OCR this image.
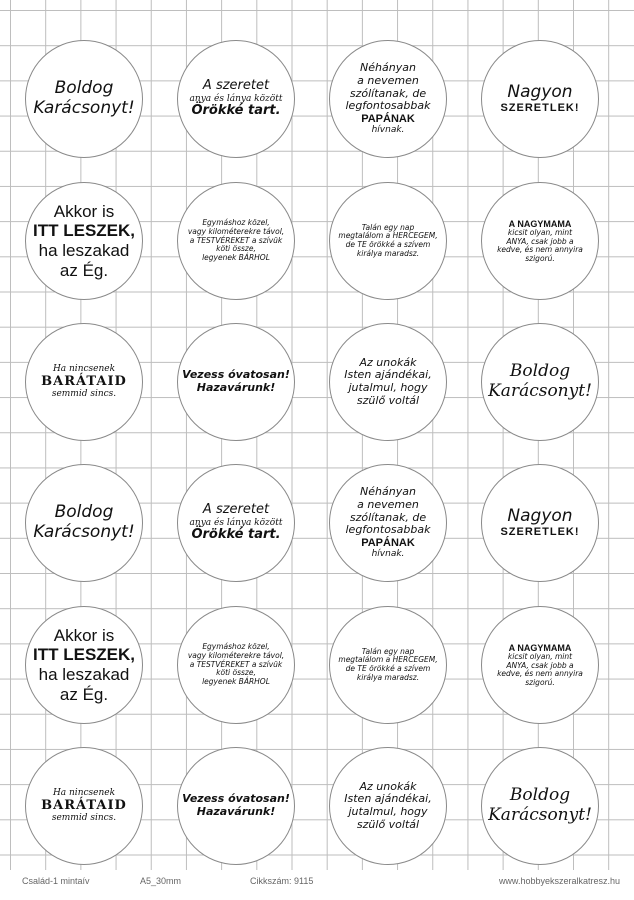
Boldog
Karácsonyt!
A szeretet
anya és lánya között
Örökké tart.
Néhányan
a nevemen
szólítanak, de
legfontosabbak
PAPÁNAK
hívnak.
Nagyon
SZERETLEK!
Akkor is
ITT LESZEK,
ha leszakad
az Ég.
Egymáshoz közel,
vagy kilométerekre távol,
a TESTVÉREKET a szívük
köti össze,
legyenek BÁRHOL
Talán egy nap
megtalálom a HERCEGEM,
de TE örökké a szívem
királya maradsz.
A NAGYMAMA
kicsit olyan, mint
ANYA, csak jobb a
kedve, és nem annyira
szigorú.
Ha nincsenek
BARÁTAID
semmid sincs.
Vezess óvatosan!
Hazavárunk!
Az unokák
Isten ajándékai,
jutalmul, hogy
szülő voltál
Boldog
Karácsonyt!
Boldog
Karácsonyt!
A szeretet
anya és lánya között
Örökké tart.
Néhányan
a nevemen
szólítanak, de
legfontosabbak
PAPÁNAK
hívnak.
Nagyon
SZERETLEK!
Akkor is
ITT LESZEK,
ha leszakad
az Ég.
Egymáshoz közel,
vagy kilométerekre távol,
a TESTVÉREKET a szívük
köti össze,
legyenek BÁRHOL
Talán egy nap
megtalálom a HERCEGEM,
de TE örökké a szívem
királya maradsz.
A NAGYMAMA
kicsit olyan, mint
ANYA, csak jobb a
kedve, és nem annyira
szigorú.
Ha nincsenek
BARÁTAID
semmid sincs.
Vezess óvatosan!
Hazavárunk!
Az unokák
Isten ajándékai,
jutalmul, hogy
szülő voltál
Boldog
Karácsonyt!
Család-1 mintaív	A5_30mm	Cikkszám: 9115	www.hobbyekszeralkatresz.hu
